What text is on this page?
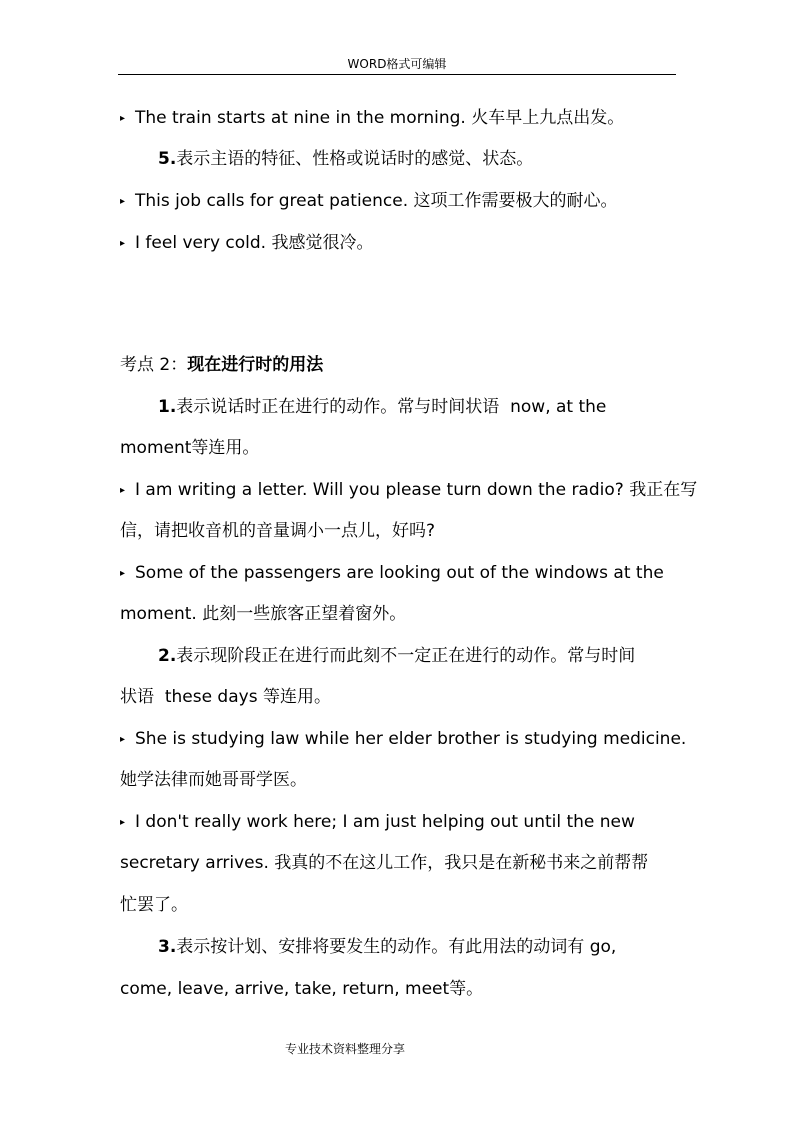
WORD格式可编辑
▸ The train starts at nine in the morning. 火车早上九点出发。
5.表示主语的特征、性格或说话时的感觉、状态。
▸ This job calls for great patience. 这项工作需要极大的耐心。
▸ I feel very cold. 我感觉很冷。
考点 2：现在进行时的用法
1.表示说话时正在进行的动作。常与时间状语 now, at the
moment等连用。
▸ I am writing a letter. Will you please turn down the radio? 我正在写
信，请把收音机的音量调小一点儿，好吗?
▸ Some of the passengers are looking out of the windows at the
moment. 此刻一些旅客正望着窗外。
2.表示现阶段正在进行而此刻不一定正在进行的动作。常与时间
状语 these days 等连用。
▸ She is studying law while her elder brother is studying medicine.
她学法律而她哥哥学医。
▸ I don't really work here; I am just helping out until the new
secretary arrives. 我真的不在这儿工作，我只是在新秘书来之前帮帮
忙罢了。
3.表示按计划、安排将要发生的动作。有此用法的动词有 go,
come, leave, arrive, take, return, meet等。
专业技术资料整理分享
